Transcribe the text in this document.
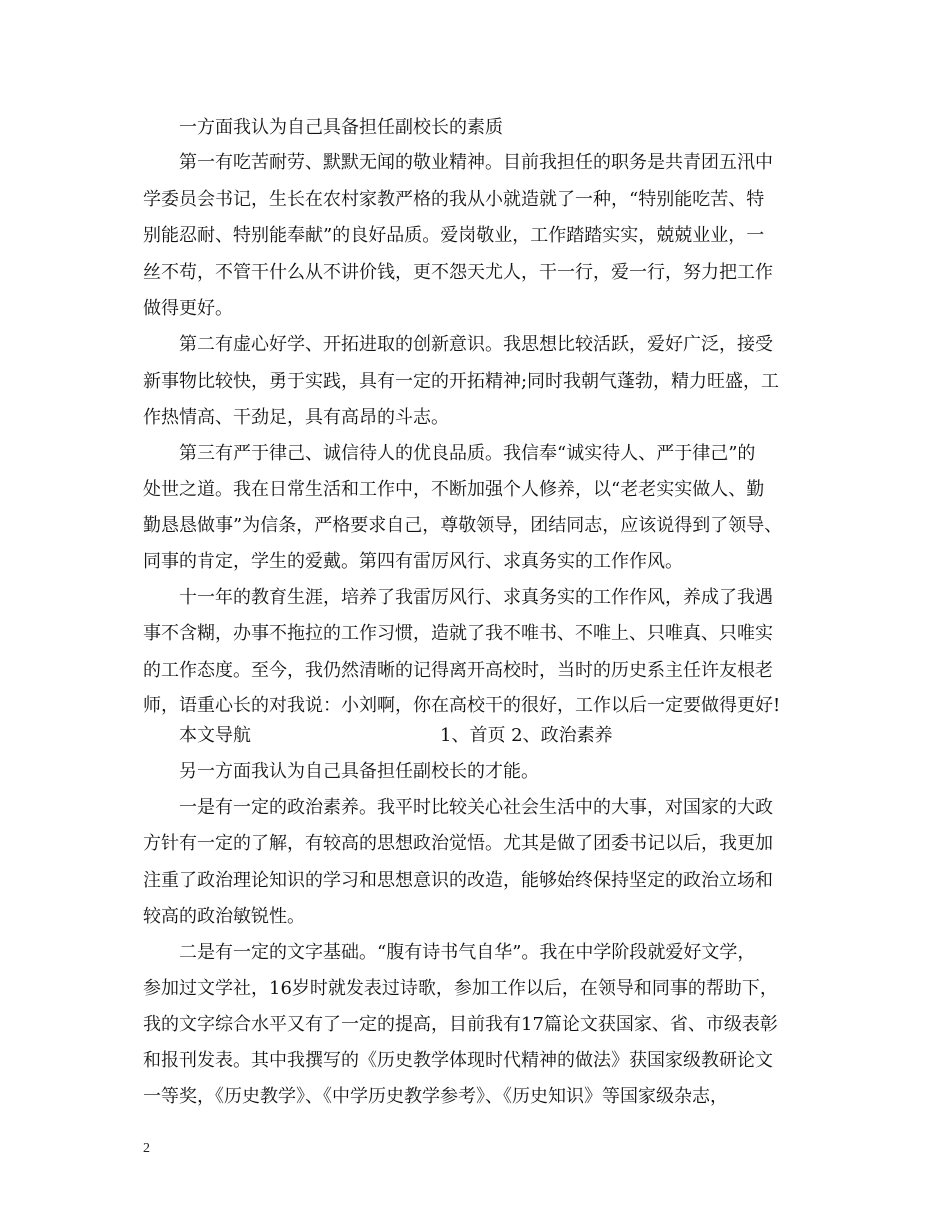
一方面我认为自己具备担任副校长的素质
第一有吃苦耐劳、默默无闻的敬业精神。目前我担任的职务是共青团五汛中
学委员会书记，生长在农村家教严格的我从小就造就了一种，“特别能吃苦、特
别能忍耐、特别能奉献”的良好品质。爱岗敬业，工作踏踏实实，兢兢业业，一
丝不苟，不管干什么从不讲价钱，更不怨天尤人，干一行，爱一行，努力把工作
做得更好。
第二有虚心好学、开拓进取的创新意识。我思想比较活跃，爱好广泛，接受
新事物比较快，勇于实践，具有一定的开拓精神;同时我朝气蓬勃，精力旺盛，工
作热情高、干劲足，具有高昂的斗志。
第三有严于律己、诚信待人的优良品质。我信奉“诚实待人、严于律己”的
处世之道。我在日常生活和工作中，不断加强个人修养，以“老老实实做人、勤
勤恳恳做事”为信条，严格要求自己，尊敬领导，团结同志，应该说得到了领导、
同事的肯定，学生的爱戴。第四有雷厉风行、求真务实的工作作风。
十一年的教育生涯，培养了我雷厉风行、求真务实的工作作风，养成了我遇
事不含糊，办事不拖拉的工作习惯，造就了我不唯书、不唯上、只唯真、只唯实
的工作态度。至今，我仍然清晰的记得离开高校时，当时的历史系主任许友根老
师，语重心长的对我说：小刘啊，你在高校干的很好，工作以后一定要做得更好!
本文导航	1、首页 2、政治素养
另一方面我认为自己具备担任副校长的才能。
一是有一定的政治素养。我平时比较关心社会生活中的大事，对国家的大政
方针有一定的了解，有较高的思想政治觉悟。尤其是做了团委书记以后，我更加
注重了政治理论知识的学习和思想意识的改造，能够始终保持坚定的政治立场和
较高的政治敏锐性。
二是有一定的文字基础。“腹有诗书气自华”。我在中学阶段就爱好文学，
参加过文学社，16岁时就发表过诗歌，参加工作以后，在领导和同事的帮助下，
我的文字综合水平又有了一定的提高，目前我有17篇论文获国家、省、市级表彰
和报刊发表。其中我撰写的《历史教学体现时代精神的做法》获国家级教研论文
一等奖，《历史教学》、《中学历史教学参考》、《历史知识》等国家级杂志，
2
